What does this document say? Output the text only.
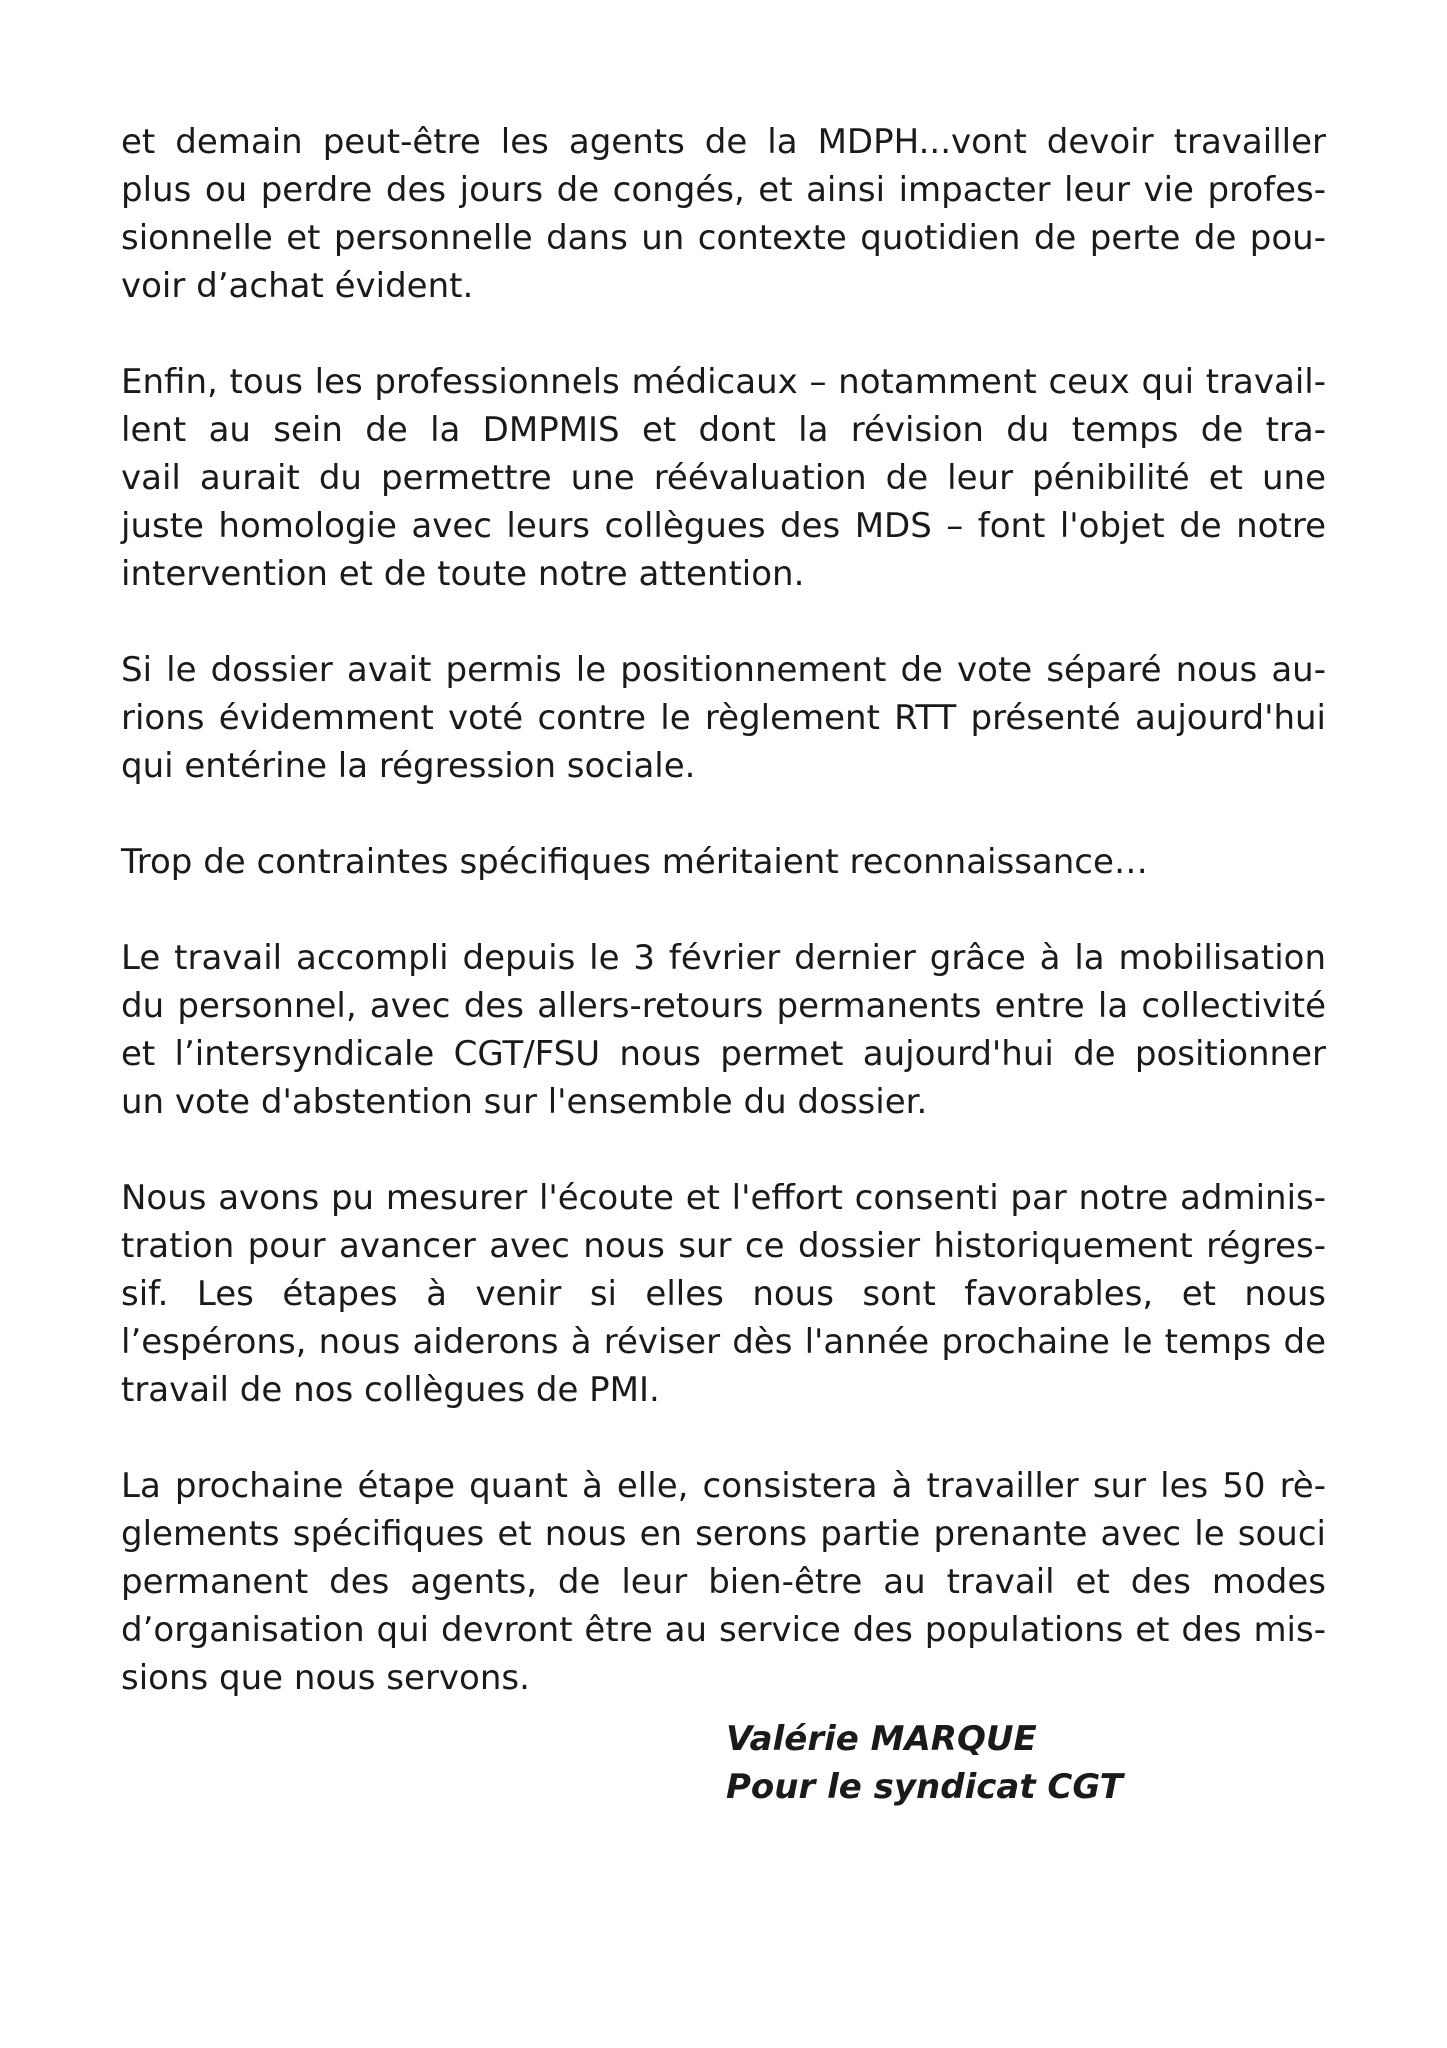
et demain peut-être les agents de la MDPH...vont devoir travailler
plus ou perdre des jours de congés, et ainsi impacter leur vie profes-
sionnelle et personnelle dans un contexte quotidien de perte de pou-
voir d’achat évident.
Enfin, tous les professionnels médicaux – notamment ceux qui travail-
lent au sein de la DMPMIS et dont la révision du temps de tra-
vail aurait du permettre une réévaluation de leur pénibilité et une
juste homologie avec leurs collègues des MDS – font l'objet de notre
intervention et de toute notre attention.
Si le dossier avait permis le positionnement de vote séparé nous au-
rions évidemment voté contre le règlement RTT présenté aujourd'hui
qui entérine la régression sociale.
Trop de contraintes spécifiques méritaient reconnaissance…
Le travail accompli depuis le 3 février dernier grâce à la mobilisation
du personnel, avec des allers-retours permanents entre la collectivité
et l’intersyndicale CGT/FSU nous permet aujourd'hui de positionner
un vote d'abstention sur l'ensemble du dossier.
Nous avons pu mesurer l'écoute et l'effort consenti par notre adminis-
tration pour avancer avec nous sur ce dossier historiquement régres-
sif. Les étapes à venir si elles nous sont favorables, et nous
l’espérons, nous aiderons à réviser dès l'année prochaine le temps de
travail de nos collègues de PMI.
La prochaine étape quant à elle, consistera à travailler sur les 50 rè-
glements spécifiques et nous en serons partie prenante avec le souci
permanent des agents, de leur bien-être au travail et des modes
d’organisation qui devront être au service des populations et des mis-
sions que nous servons.
Valérie MARQUE
Pour le syndicat CGT
